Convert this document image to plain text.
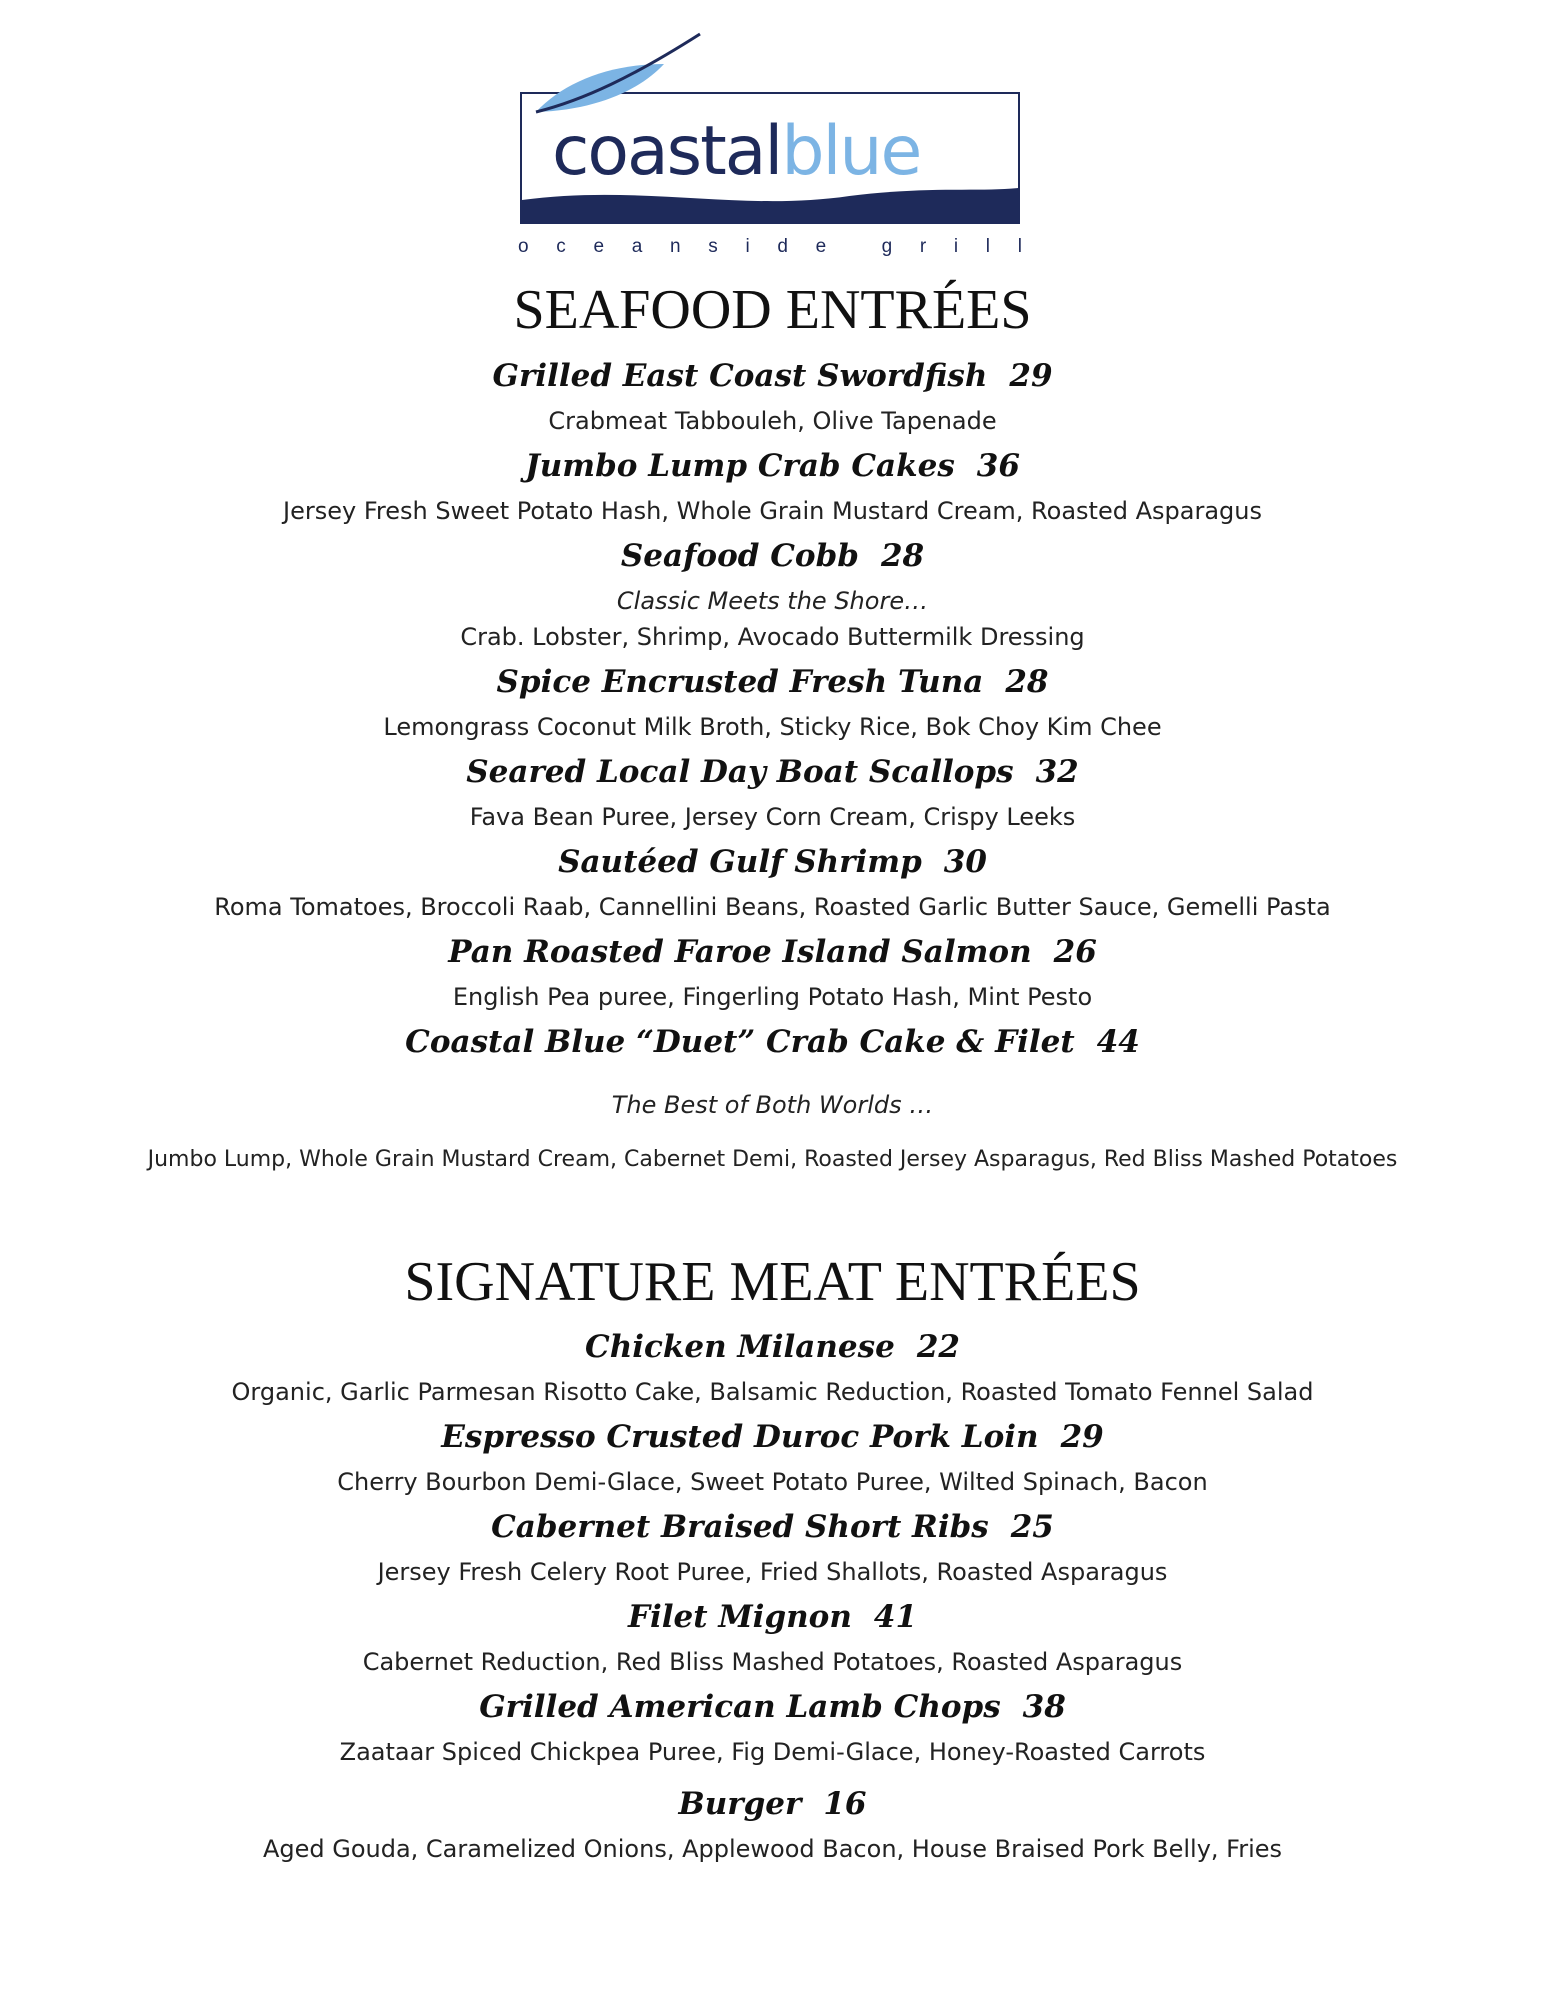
coastalblue
o c e a n s i d e	g r i l l
SEAFOOD ENTRÉES
Grilled East Coast Swordfish 29
Crabmeat Tabbouleh, Olive Tapenade
Jumbo Lump Crab Cakes 36
Jersey Fresh Sweet Potato Hash, Whole Grain Mustard Cream, Roasted Asparagus
Seafood Cobb 28
Classic Meets the Shore…
Crab. Lobster, Shrimp, Avocado Buttermilk Dressing
Spice Encrusted Fresh Tuna 28
Lemongrass Coconut Milk Broth, Sticky Rice, Bok Choy Kim Chee
Seared Local Day Boat Scallops 32
Fava Bean Puree, Jersey Corn Cream, Crispy Leeks
Sautéed Gulf Shrimp 30
Roma Tomatoes, Broccoli Raab, Cannellini Beans, Roasted Garlic Butter Sauce, Gemelli Pasta
Pan Roasted Faroe Island Salmon 26
English Pea puree, Fingerling Potato Hash, Mint Pesto
Coastal Blue “Duet” Crab Cake & Filet 44
The Best of Both Worlds …
Jumbo Lump, Whole Grain Mustard Cream, Cabernet Demi, Roasted Jersey Asparagus, Red Bliss Mashed Potatoes
SIGNATURE MEAT ENTRÉES
Chicken Milanese 22
Organic, Garlic Parmesan Risotto Cake, Balsamic Reduction, Roasted Tomato Fennel Salad
Espresso Crusted Duroc Pork Loin 29
Cherry Bourbon Demi-Glace, Sweet Potato Puree, Wilted Spinach, Bacon
Cabernet Braised Short Ribs 25
Jersey Fresh Celery Root Puree, Fried Shallots, Roasted Asparagus
Filet Mignon 41
Cabernet Reduction, Red Bliss Mashed Potatoes, Roasted Asparagus
Grilled American Lamb Chops 38
Zaataar Spiced Chickpea Puree, Fig Demi-Glace, Honey-Roasted Carrots
Burger 16
Aged Gouda, Caramelized Onions, Applewood Bacon, House Braised Pork Belly, Fries
